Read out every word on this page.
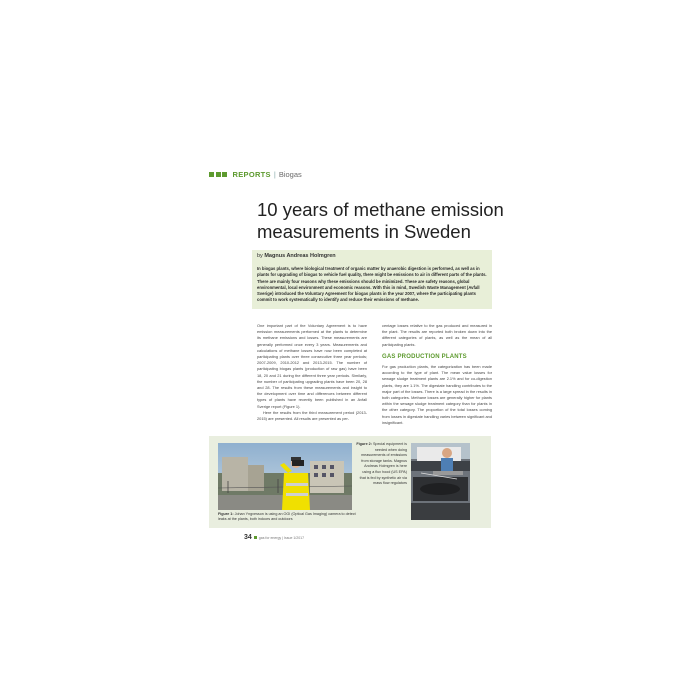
REPORTS | Biogas
10 years of methane emission measurements in Sweden
by Magnus Andreas Holmgren

In biogas plants, where biological treatment of organic matter by anaerobic digestion is performed, as well as in plants for upgrading of biogas to vehicle fuel quality, there might be emissions to air in different parts of the plants. There are mainly four reasons why these emissions should be minimized. These are safety reasons, global environmental, local environment and economic reasons. With this in mind, Swedish Waste Management (Avfall Sverige) introduced the Voluntary Agreement for biogas plants in the year 2007, where the participating plants commit to work systematically to identify and reduce their emissions of methane.

One important part of the Voluntary Agreement is to have emission measurements performed at the plants to determine its methane emissions and losses. These measurements are generally performed once every 3 years. Measurements and calculations of methane losses have now been completed at participating plants over three consecutive three year periods; 2007-2009, 2010-2012 and 2013-2015. The number of participating biogas plants (production of raw gas) have been 18, 20 and 21 during the different three year periods. Similarly, the number of participating upgrading plants have been 20, 28 and 28. The results from these measurements and insight to the development over time and differences between different types of plants have recently been published in an Avfall Sverige report (Figure 1).

Here the results from the third measurement period (2013-2015) are presented. All results are presented as per-

centage losses relative to the gas produced and measured in the plant. The results are reported both broken down into the different categories of plants, as well as the mean of all participating plants.

GAS PRODUCTION PLANTS

For gas production plants, the categorization has been made according to the type of plant. The mean value losses for sewage sludge treatment plants are 2.1% and for co-digestion plants, they are 1.1%. The digestate handling contributes to the major part of the losses. There is a large spread in the results in both categories. Methane losses are generally higher for plants within the sewage sludge treatment category than for plants in the other category. The proportion of the total losses coming from losses in digestate handling varies between significant and insignificant.

Figure 1: Johan Yngvesson is using an OGI (Optical Gas Imaging) camera to detect leaks at the plants, both indoors and outdoors

Figure 2: Special equipment is needed when doing measurements of emissions from storage tanks. Magnus Andreas Holmgren is here using a flux hood (US EPA) that is fed by synthetic air via mass flow regulators

34 gas for energy | Issue 1/2017
